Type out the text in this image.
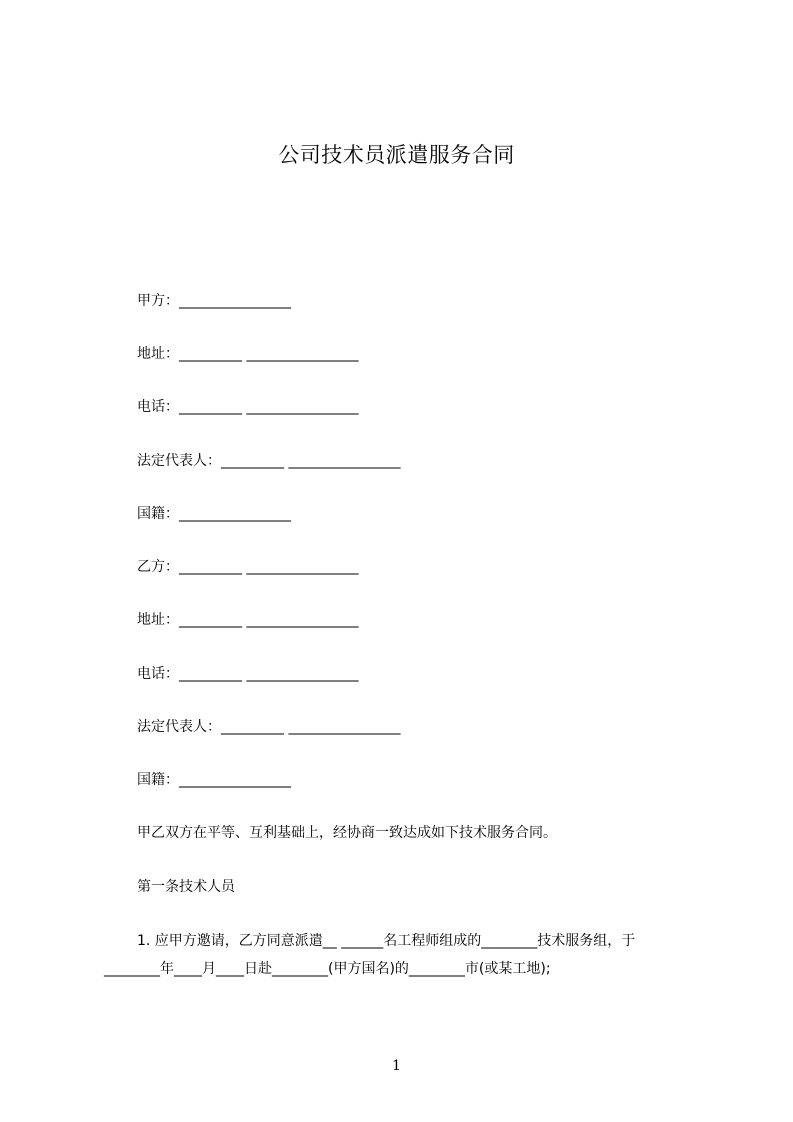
公司技术员派遣服务合同
甲方：________________
地址：_________ ________________
电话：_________ ________________
法定代表人：_________ ________________
国籍：________________
乙方：_________ ________________
地址：_________ ________________
电话：_________ ________________
法定代表人：_________ ________________
国籍：________________
甲乙双方在平等、互利基础上，经协商一致达成如下技术服务合同。
第一条技术人员
1. 应甲方邀请，乙方同意派遣__ ______名工程师组成的________技术服务组，于
________年____月____日赴________(甲方国名)的________市(或某工地);
1
